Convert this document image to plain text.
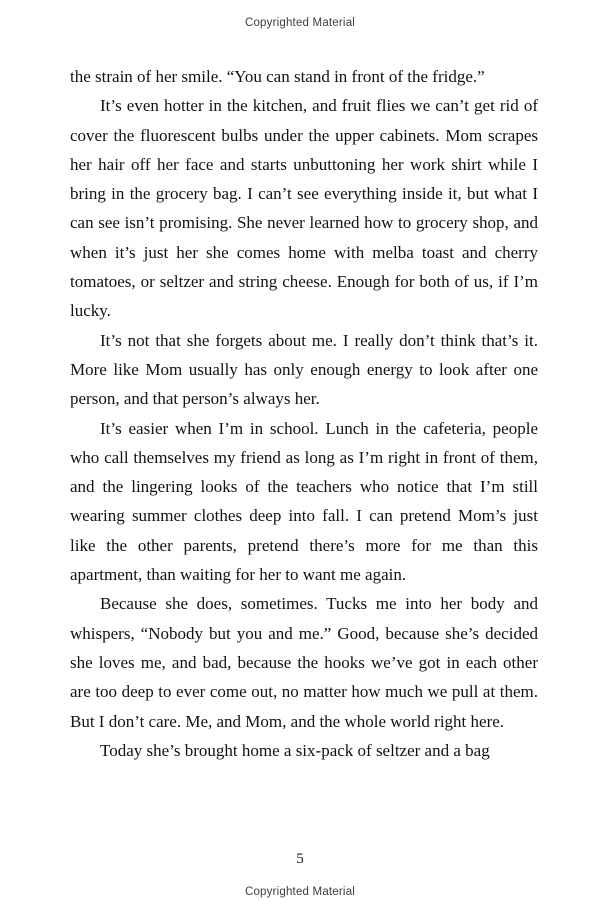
Copyrighted Material

the strain of her smile. “You can stand in front of the fridge.”

It’s even hotter in the kitchen, and fruit flies we can’t get rid of cover the fluorescent bulbs under the upper cabinets. Mom scrapes her hair off her face and starts unbuttoning her work shirt while I bring in the grocery bag. I can’t see everything inside it, but what I can see isn’t promising. She never learned how to grocery shop, and when it’s just her she comes home with melba toast and cherry tomatoes, or seltzer and string cheese. Enough for both of us, if I’m lucky.

It’s not that she forgets about me. I really don’t think that’s it. More like Mom usually has only enough energy to look after one person, and that person’s always her.

It’s easier when I’m in school. Lunch in the cafeteria, people who call themselves my friend as long as I’m right in front of them, and the lingering looks of the teachers who notice that I’m still wearing summer clothes deep into fall. I can pretend Mom’s just like the other parents, pretend there’s more for me than this apartment, than waiting for her to want me again.

Because she does, sometimes. Tucks me into her body and whispers, “Nobody but you and me.” Good, because she’s decided she loves me, and bad, because the hooks we’ve got in each other are too deep to ever come out, no matter how much we pull at them. But I don’t care. Me, and Mom, and the whole world right here.

Today she’s brought home a six-pack of seltzer and a bag

5
Copyrighted Material
